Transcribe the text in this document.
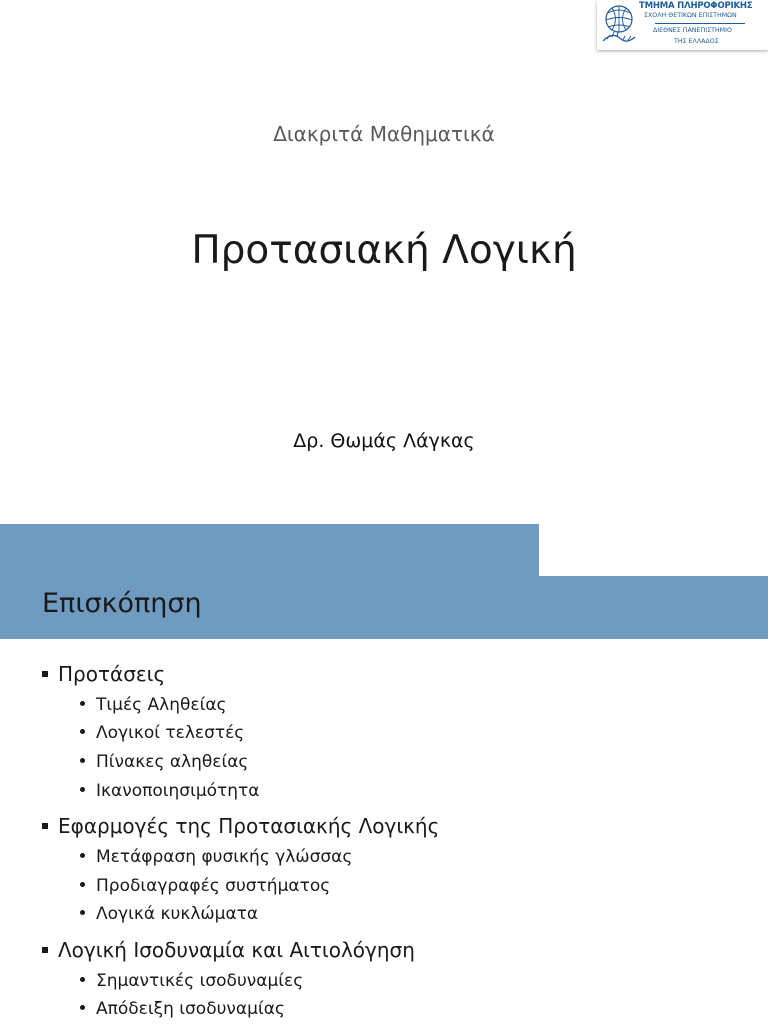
ΤΜΗΜΑ ΠΛΗΡΟΦΟΡΙΚΗΣ
ΣΧΟΛΗ ΘΕΤΙΚΩΝ ΕΠΙΣΤΗΜΩΝ
ΔΙΕΘΝΕΣ ΠΑΝΕΠΙΣΤΗΜΙΟ
ΤΗΣ ΕΛΛΑΔΟΣ
Διακριτά Μαθηματικά
Προτασιακή Λογική
Δρ. Θωμάς Λάγκας
Επισκόπηση
Προτάσεις
Τιμές Αληθείας
Λογικοί τελεστές
Πίνακες αληθείας
Ικανοποιησιμότητα
Εφαρμογές της Προτασιακής Λογικής
Μετάφραση φυσικής γλώσσας
Προδιαγραφές συστήματος
Λογικά κυκλώματα
Λογική Ισοδυναμία και Αιτιολόγηση
Σημαντικές ισοδυναμίες
Απόδειξη ισοδυναμίας
